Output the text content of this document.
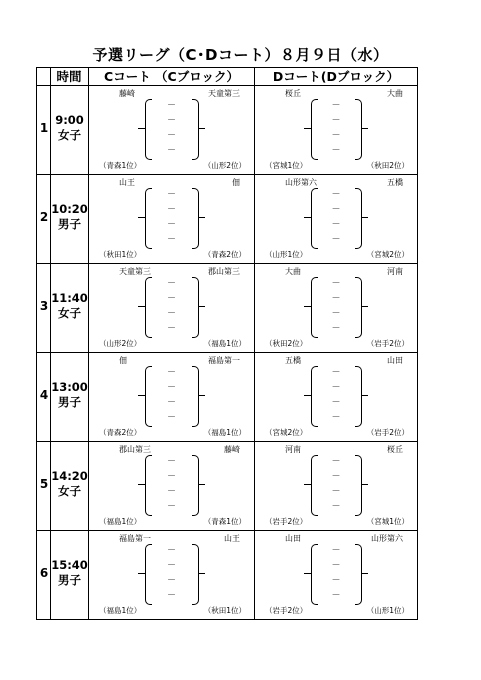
予選リーグ（C･Dコート）８月９日（水）
時間	Cコート （Cブロック）	Dコート(Dブロック）
1
9:00
女子
藤崎	天童第三
（青森1位）	（山形2位）
－
－
－
－
桜丘	大曲
（宮城1位）	（秋田2位）
－
－
－
－
2
10:20
男子
山王	佃
（秋田1位）	（青森2位）
－
－
－
－
山形第六	五橋
（山形1位）	（宮城2位）
－
－
－
－
3
11:40
女子
天童第三	郡山第三
（山形2位）	（福島1位）
－
－
－
－
大曲	河南
（秋田2位）	（岩手2位）
－
－
－
－
4
13:00
男子
佃	福島第一
（青森2位）	（福島1位）
－
－
－
－
五橋	山田
（宮城2位）	（岩手2位）
－
－
－
－
5
14:20
女子
郡山第三	藤崎
（福島1位）	（青森1位）
－
－
－
－
河南	桜丘
（岩手2位）	（宮城1位）
－
－
－
－
6
15:40
男子
福島第一	山王
（福島1位）	（秋田1位）
－
－
－
－
山田	山形第六
（岩手2位）	（山形1位）
－
－
－
－
